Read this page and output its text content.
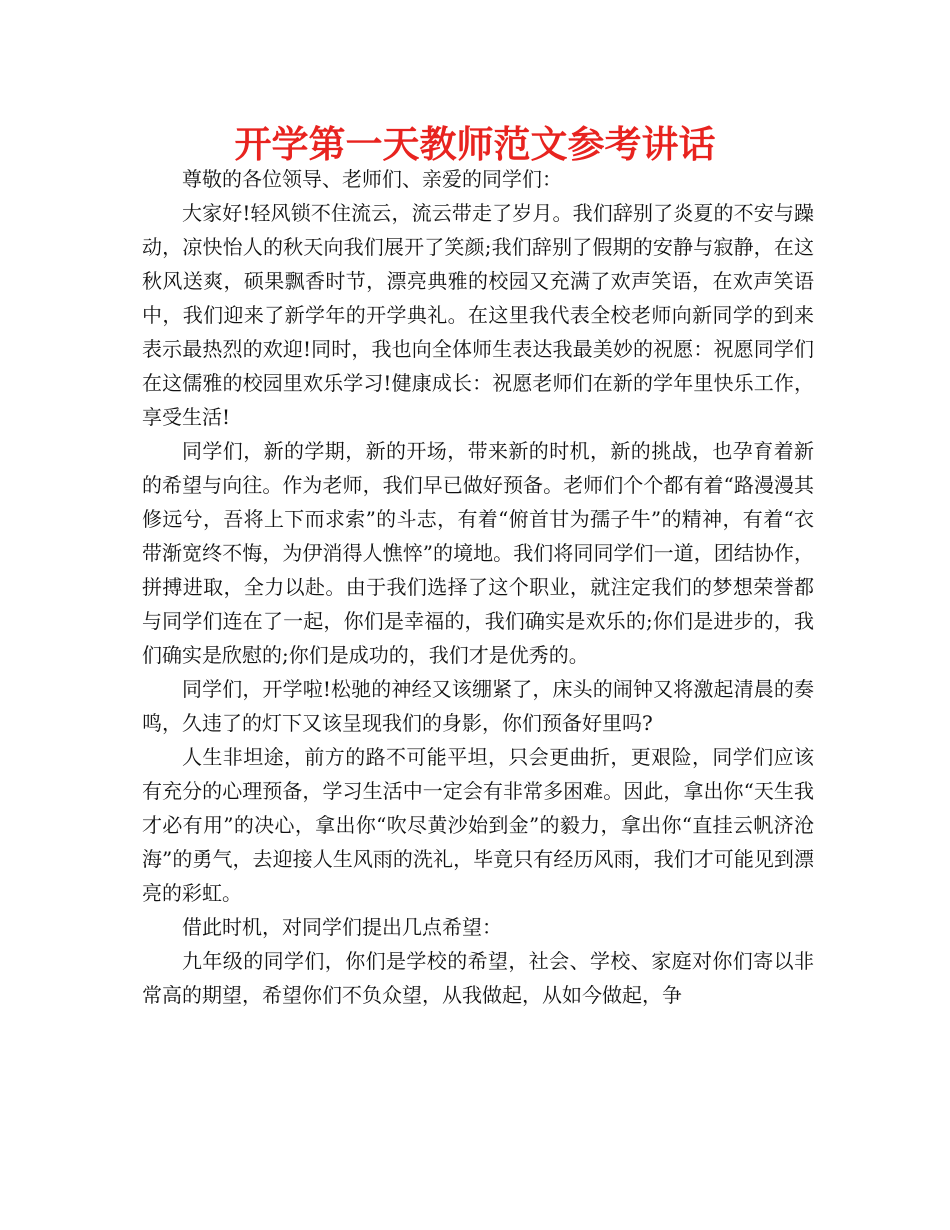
开学第一天教师范文参考讲话

尊敬的各位领导、老师们、亲爱的同学们：

大家好!轻风锁不住流云，流云带走了岁月。我们辞别了炎夏的不安与躁动，凉快怡人的秋天向我们展开了笑颜;我们辞别了假期的安静与寂静，在这秋风送爽，硕果飘香时节，漂亮典雅的校园又充满了欢声笑语，在欢声笑语中，我们迎来了新学年的开学典礼。在这里我代表全校老师向新同学的到来表示最热烈的欢迎!同时，我也向全体师生表达我最美妙的祝愿：祝愿同学们在这儒雅的校园里欢乐学习!健康成长：祝愿老师们在新的学年里快乐工作，享受生活!

同学们，新的学期，新的开场，带来新的时机，新的挑战，也孕育着新的希望与向往。作为老师，我们早已做好预备。老师们个个都有着“路漫漫其修远兮，吾将上下而求索”的斗志，有着“俯首甘为孺子牛”的精神，有着“衣带渐宽终不悔，为伊消得人憔悴”的境地。我们将同同学们一道，团结协作，拼搏进取，全力以赴。由于我们选择了这个职业，就注定我们的梦想荣誉都与同学们连在了一起，你们是幸福的，我们确实是欢乐的;你们是进步的，我们确实是欣慰的;你们是成功的，我们才是优秀的。

同学们，开学啦!松驰的神经又该绷紧了，床头的闹钟又将激起清晨的奏鸣，久违了的灯下又该呈现我们的身影，你们预备好里吗?

人生非坦途，前方的路不可能平坦，只会更曲折，更艰险，同学们应该有充分的心理预备，学习生活中一定会有非常多困难。因此，拿出你“天生我才必有用”的决心，拿出你“吹尽黄沙始到金”的毅力，拿出你“直挂云帆济沧海”的勇气，去迎接人生风雨的洗礼，毕竟只有经历风雨，我们才可能见到漂亮的彩虹。

借此时机，对同学们提出几点希望：

九年级的同学们，你们是学校的希望，社会、学校、家庭对你们寄以非常高的期望，希望你们不负众望，从我做起，从如今做起，争
